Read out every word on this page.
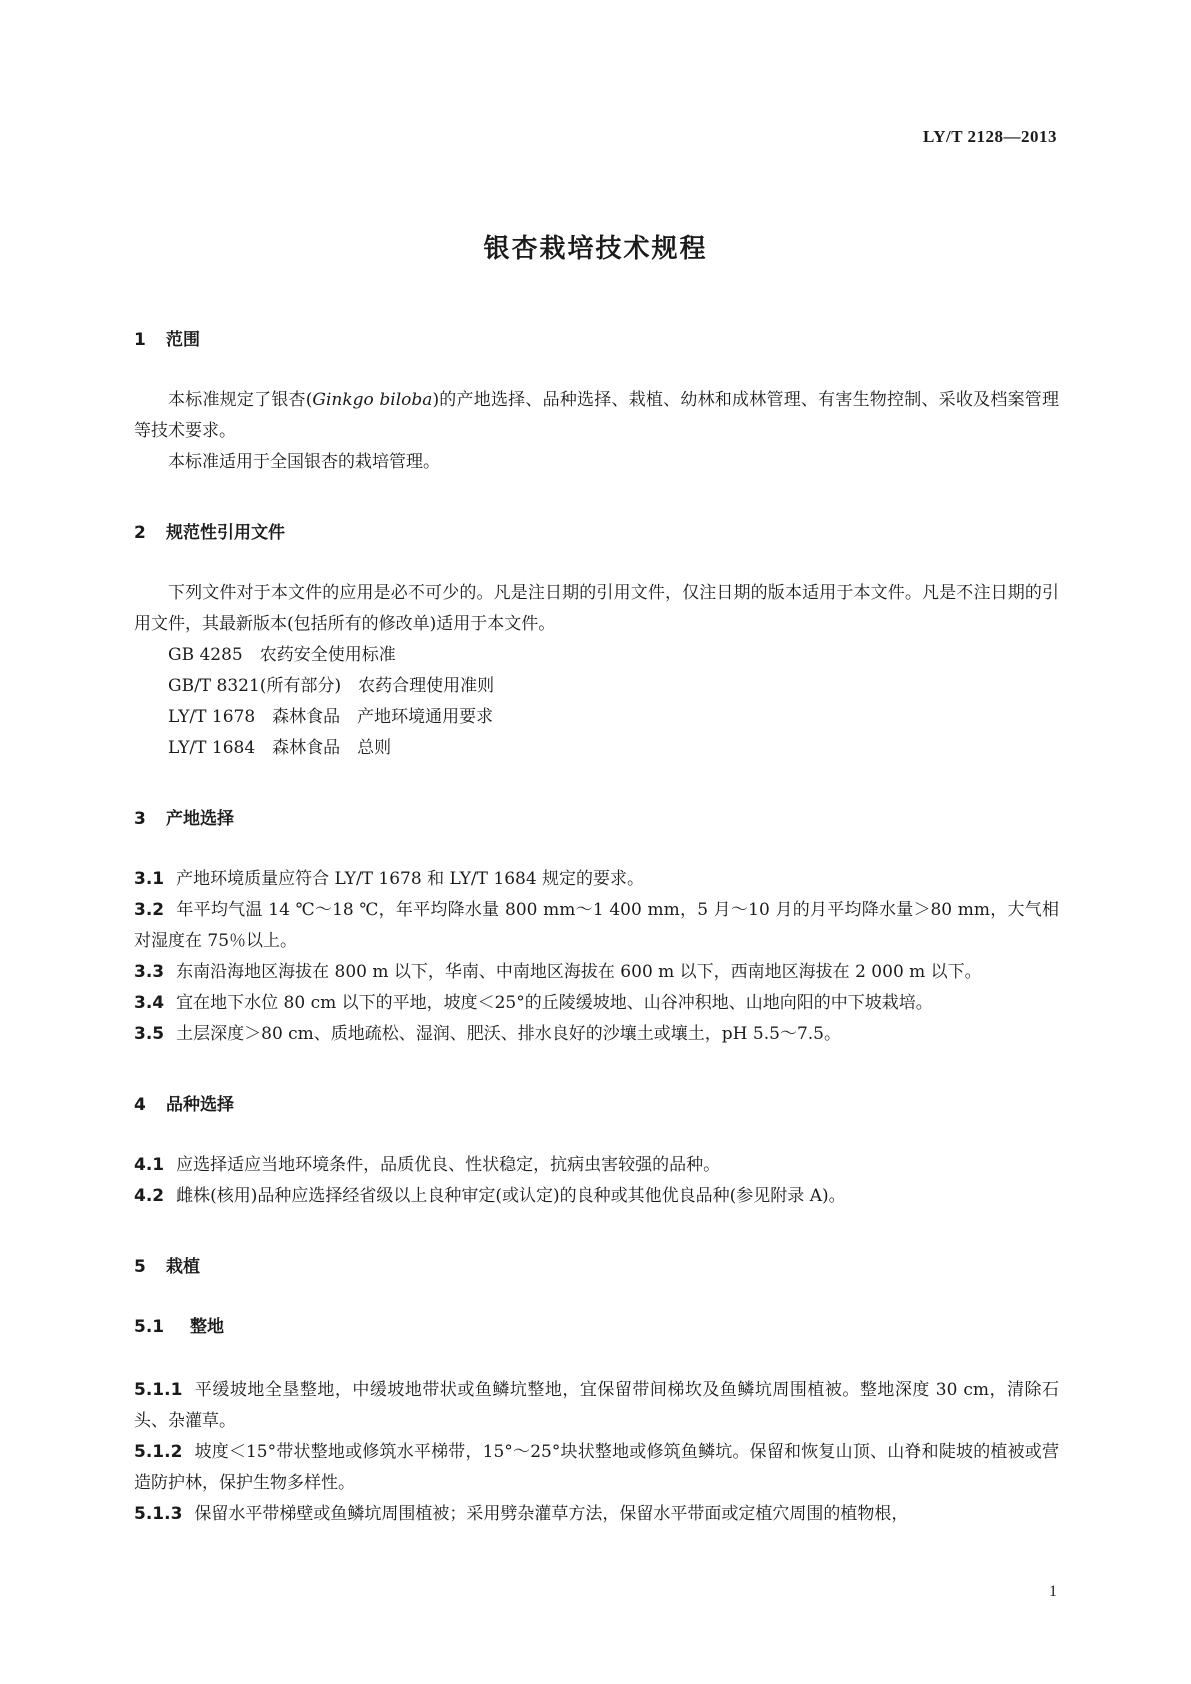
LY/T 2128—2013
银杏栽培技术规程
1 范围

本标准规定了银杏(Ginkgo biloba)的产地选择、品种选择、栽植、幼林和成林管理、有害生物控制、采收及档案管理等技术要求。

本标准适用于全国银杏的栽培管理。

2 规范性引用文件

下列文件对于本文件的应用是必不可少的。凡是注日期的引用文件，仅注日期的版本适用于本文件。凡是不注日期的引用文件，其最新版本(包括所有的修改单)适用于本文件。

GB 4285　农药安全使用标准
GB/T 8321(所有部分)　农药合理使用准则
LY/T 1678　森林食品　产地环境通用要求
LY/T 1684　森林食品　总则
3 产地选择

3.1 产地环境质量应符合 LY/T 1678 和 LY/T 1684 规定的要求。

3.2 年平均气温 14 ℃～18 ℃，年平均降水量 800 mm～1 400 mm，5 月～10 月的月平均降水量＞80 mm，大气相对湿度在 75％以上。

3.3 东南沿海地区海拔在 800 m 以下，华南、中南地区海拔在 600 m 以下，西南地区海拔在 2 000 m 以下。

3.4 宜在地下水位 80 cm 以下的平地，坡度＜25°的丘陵缓坡地、山谷冲积地、山地向阳的中下坡栽培。

3.5 土层深度＞80 cm、质地疏松、湿润、肥沃、排水良好的沙壤土或壤土，pH 5.5～7.5。

4 品种选择

4.1 应选择适应当地环境条件，品质优良、性状稳定，抗病虫害较强的品种。

4.2 雌株(核用)品种应选择经省级以上良种审定(或认定)的良种或其他优良品种(参见附录 A)。

5 栽植
5.1 整地

5.1.1 平缓坡地全垦整地，中缓坡地带状或鱼鳞坑整地，宜保留带间梯坎及鱼鳞坑周围植被。整地深度 30 cm，清除石头、杂灌草。

5.1.2 坡度＜15°带状整地或修筑水平梯带，15°～25°块状整地或修筑鱼鳞坑。保留和恢复山顶、山脊和陡坡的植被或营造防护林，保护生物多样性。

5.1.3 保留水平带梯壁或鱼鳞坑周围植被；采用劈杂灌草方法，保留水平带面或定植穴周围的植物根，

1
